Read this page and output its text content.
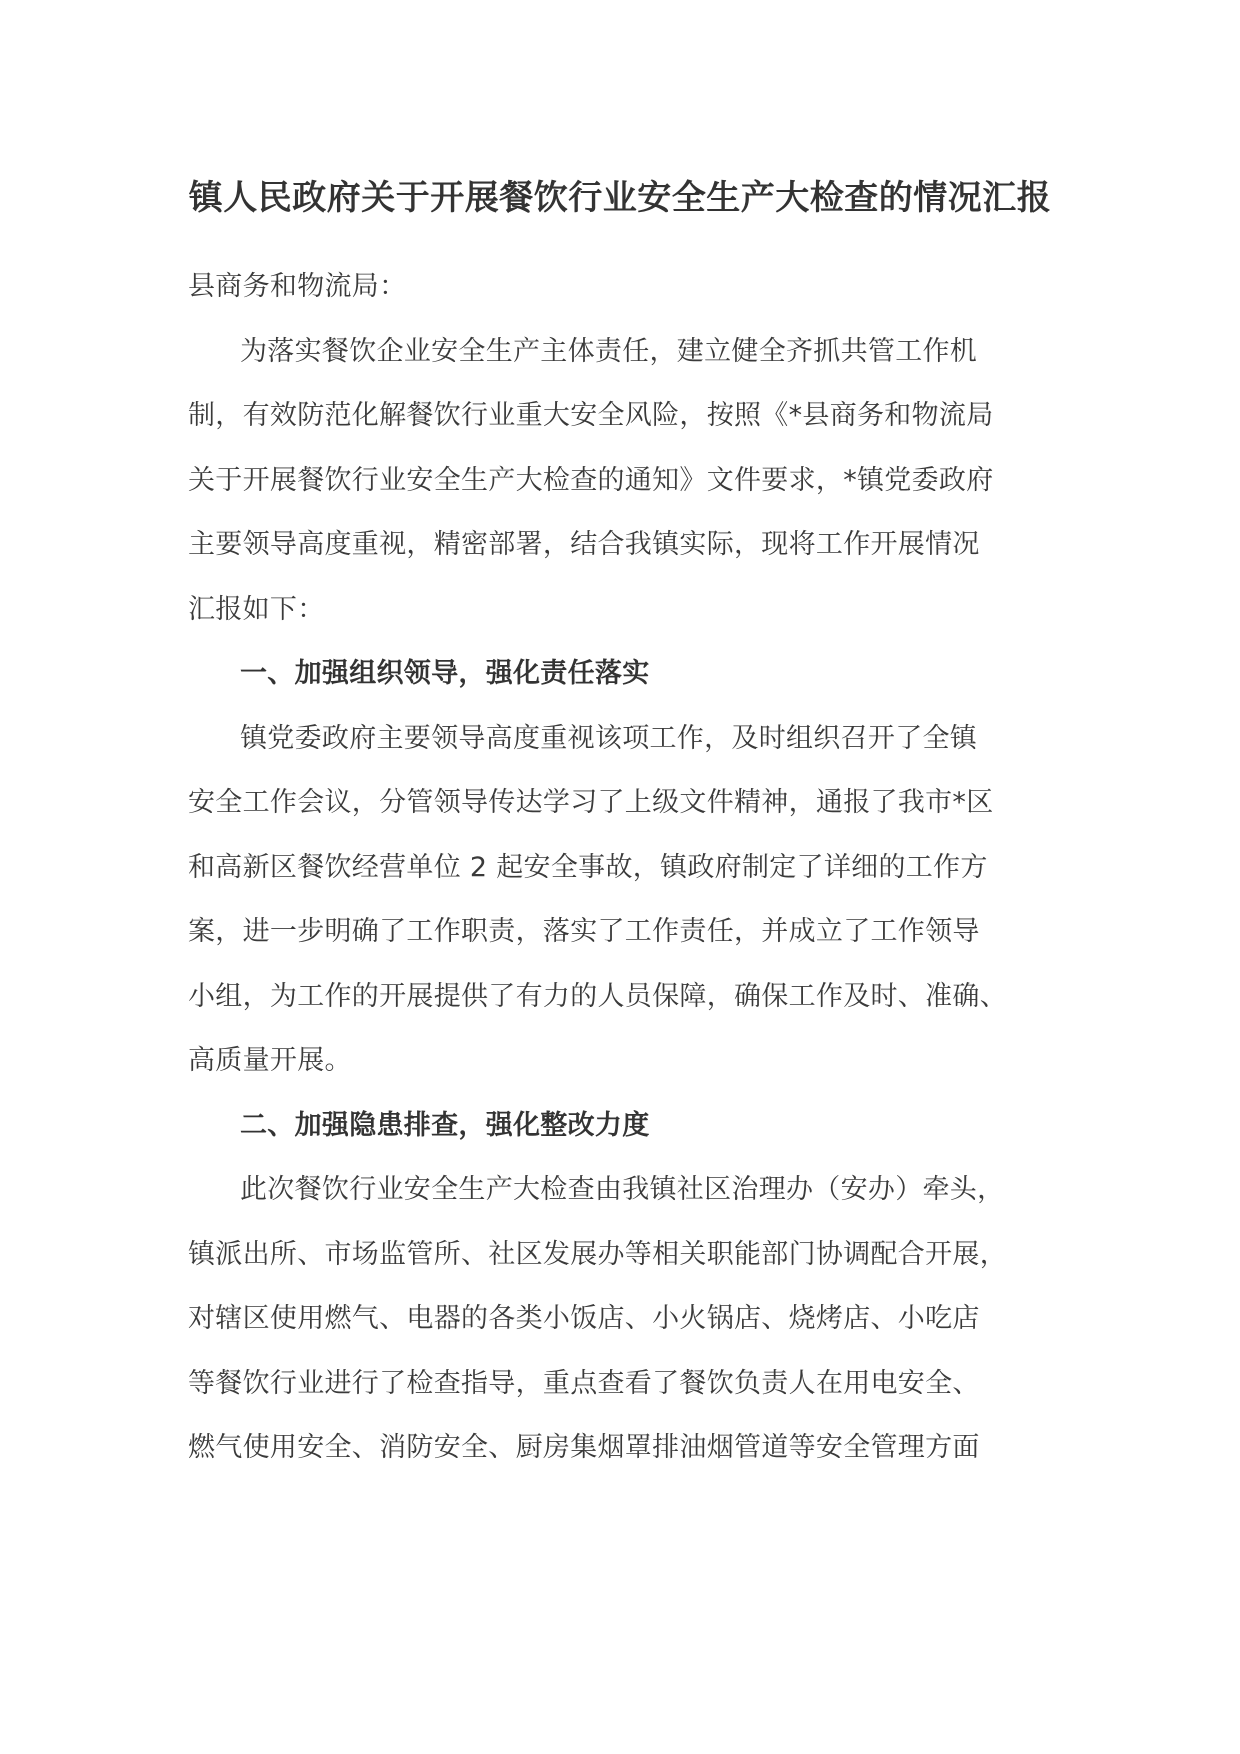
镇人民政府关于开展餐饮行业安全生产大检查的情况汇报
县商务和物流局：
为落实餐饮企业安全生产主体责任，建立健全齐抓共管工作机
制，有效防范化解餐饮行业重大安全风险，按照《*县商务和物流局
关于开展餐饮行业安全生产大检查的通知》文件要求，*镇党委政府
主要领导高度重视，精密部署，结合我镇实际，现将工作开展情况
汇报如下：
一、加强组织领导，强化责任落实
镇党委政府主要领导高度重视该项工作，及时组织召开了全镇
安全工作会议，分管领导传达学习了上级文件精神，通报了我市*区
和高新区餐饮经营单位 2 起安全事故，镇政府制定了详细的工作方
案，进一步明确了工作职责，落实了工作责任，并成立了工作领导
小组，为工作的开展提供了有力的人员保障，确保工作及时、准确、
高质量开展。
二、加强隐患排查，强化整改力度
此次餐饮行业安全生产大检查由我镇社区治理办（安办）牵头，
镇派出所、市场监管所、社区发展办等相关职能部门协调配合开展，
对辖区使用燃气、电器的各类小饭店、小火锅店、烧烤店、小吃店
等餐饮行业进行了检查指导，重点查看了餐饮负责人在用电安全、
燃气使用安全、消防安全、厨房集烟罩排油烟管道等安全管理方面
